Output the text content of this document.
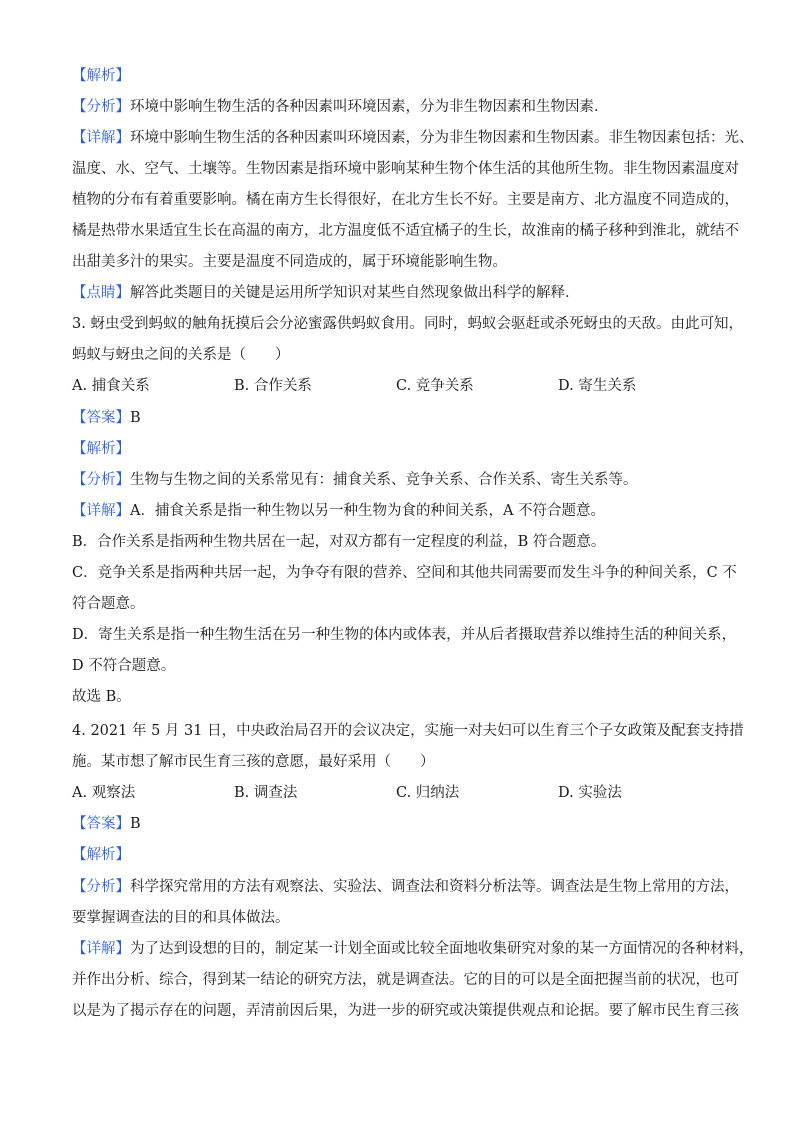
【解析】
【分析】环境中影响生物生活的各种因素叫环境因素，分为非生物因素和生物因素．
【详解】环境中影响生物生活的各种因素叫环境因素，分为非生物因素和生物因素。非生物因素包括：光、
温度、水、空气、土壤等。生物因素是指环境中影响某种生物个体生活的其他所生物。非生物因素温度对
植物的分布有着重要影响。橘在南方生长得很好，在北方生长不好。主要是南方、北方温度不同造成的，
橘是热带水果适宜生长在高温的南方，北方温度低不适宜橘子的生长，故淮南的橘子移种到淮北，就结不
出甜美多汁的果实。主要是温度不同造成的，属于环境能影响生物。
【点睛】解答此类题目的关键是运用所学知识对某些自然现象做出科学的解释．
3. 蚜虫受到蚂蚁的触角抚摸后会分泌蜜露供蚂蚁食用。同时，蚂蚁会驱赶或杀死蚜虫的天敌。由此可知，
蚂蚁与蚜虫之间的关系是（　　）
A. 捕食关系	B. 合作关系	C. 竞争关系	D. 寄生关系
【答案】B
【解析】
【分析】生物与生物之间的关系常见有：捕食关系、竞争关系、合作关系、寄生关系等。
【详解】A．捕食关系是指一种生物以另一种生物为食的种间关系，A 不符合题意。
B．合作关系是指两种生物共居在一起，对双方都有一定程度的利益，B 符合题意。
C．竞争关系是指两种共居一起，为争夺有限的营养、空间和其他共同需要而发生斗争的种间关系，C 不
符合题意。
D．寄生关系是指一种生物生活在另一种生物的体内或体表，并从后者摄取营养以维持生活的种间关系，
D 不符合题意。
故选 B。
4. 2021 年 5 月 31 日，中央政治局召开的会议决定，实施一对夫妇可以生育三个子女政策及配套支持措
施。某市想了解市民生育三孩的意愿，最好采用（　　）
A. 观察法	B. 调查法	C. 归纳法	D. 实验法
【答案】B
【解析】
【分析】科学探究常用的方法有观察法、实验法、调查法和资料分析法等。调查法是生物上常用的方法，
要掌握调查法的目的和具体做法。
【详解】为了达到设想的目的，制定某一计划全面或比较全面地收集研究对象的某一方面情况的各种材料，
并作出分析、综合，得到某一结论的研究方法，就是调查法。它的目的可以是全面把握当前的状况，也可
以是为了揭示存在的问题，弄清前因后果，为进一步的研究或决策提供观点和论据。要了解市民生育三孩
